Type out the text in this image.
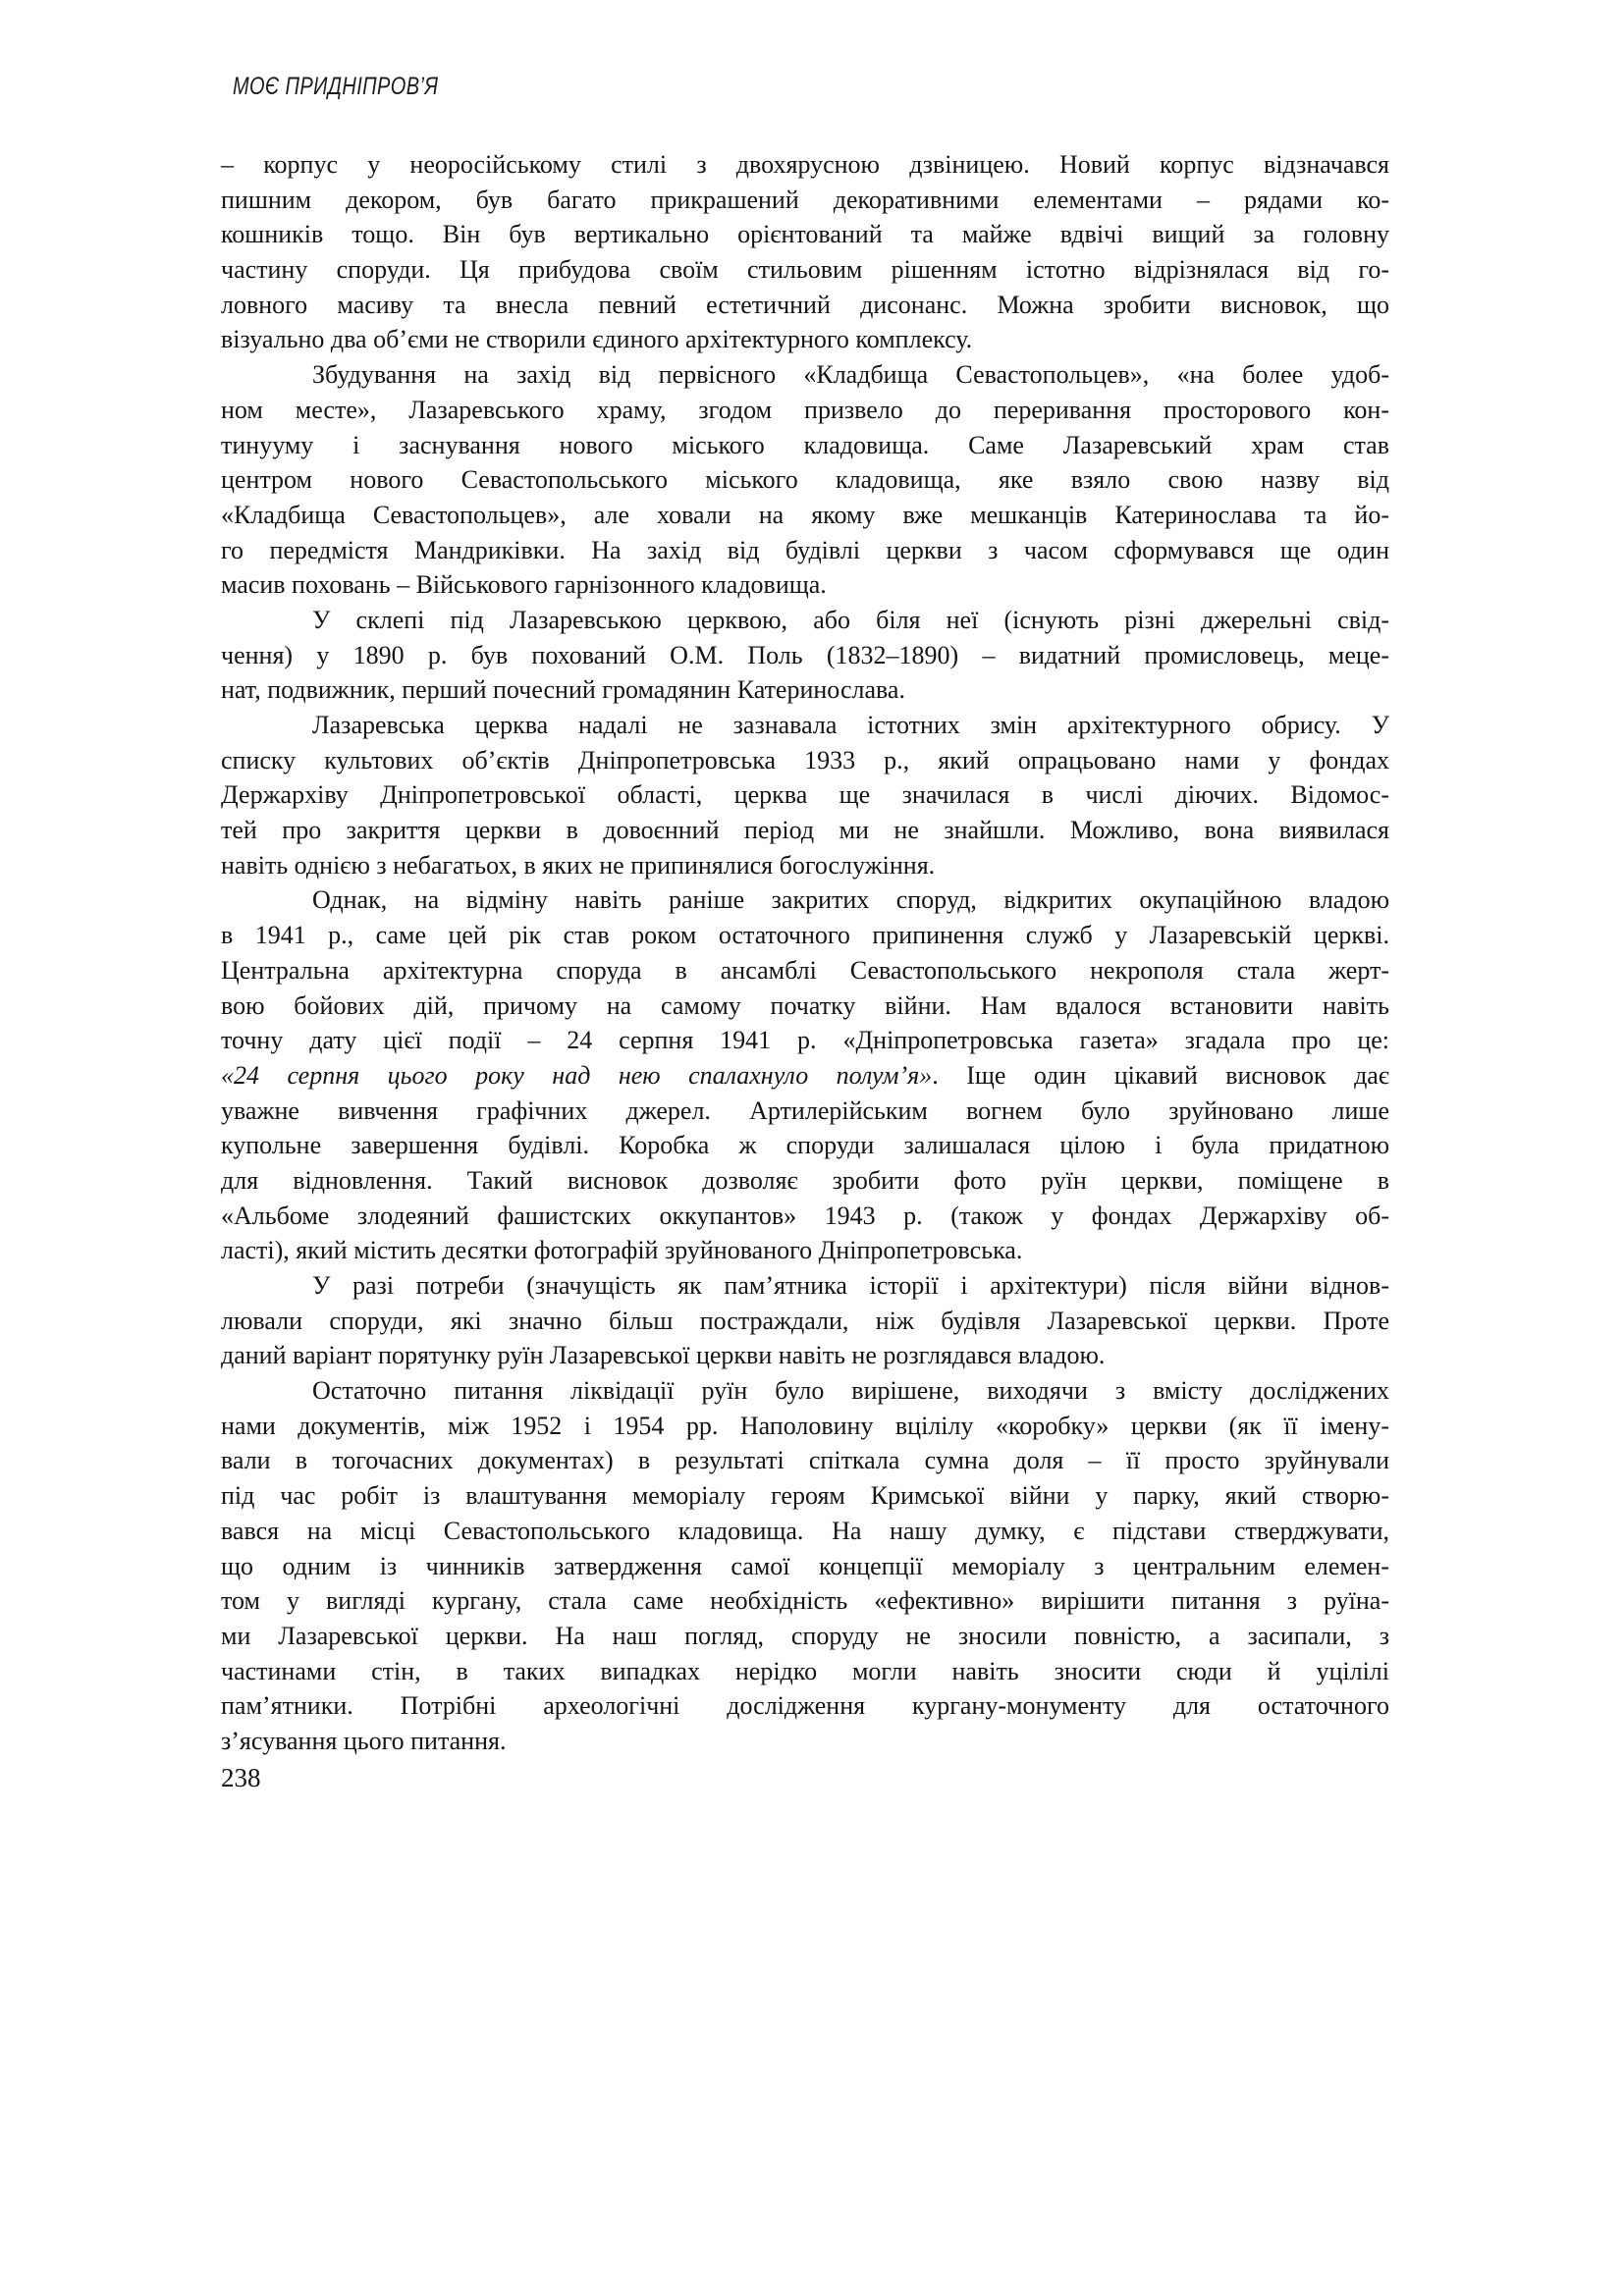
МОЄ ПРИДНІПРОВ’Я
– корпус у неоросійському стилі з двохярусною дзвіницею. Новий корпус відзначався
пишним декором, був багато прикрашений декоративними елементами – рядами ко-
кошників тощо. Він був вертикально орієнтований та майже вдвічі вищий за головну
частину споруди. Ця прибудова своїм стильовим рішенням істотно відрізнялася від го-
ловного масиву та внесла певний естетичний дисонанс. Можна зробити висновок, що
візуально два об’єми не створили єдиного архітектурного комплексу.
Збудування на захід від первісного «Кладбища Севастопольцев», «на более удоб-
ном месте», Лазаревського храму, згодом призвело до переривання просторового кон-
тинууму і заснування нового міського кладовища. Саме Лазаревський храм став
центром нового Севастопольського міського кладовища, яке взяло свою назву від
«Кладбища Севастопольцев», але ховали на якому вже мешканців Катеринослава та йо-
го передмістя Мандриківки. На захід від будівлі церкви з часом сформувався ще один
масив поховань – Військового гарнізонного кладовища.
У склепі під Лазаревською церквою, або біля неї (існують різні джерельні свід-
чення) у 1890 р. був похований О.М. Поль (1832–1890) – видатний промисловець, меце-
нат, подвижник, перший почесний громадянин Катеринослава.
Лазаревська церква надалі не зазнавала істотних змін архітектурного обрису. У
списку культових об’єктів Дніпропетровська 1933 р., який опрацьовано нами у фондах
Держархіву Дніпропетровської області, церква ще значилася в числі діючих. Відомос-
тей про закриття церкви в довоєнний період ми не знайшли. Можливо, вона виявилася
навіть однією з небагатьох, в яких не припинялися богослужіння.
Однак, на відміну навіть раніше закритих споруд, відкритих окупаційною владою
в 1941 р., саме цей рік став роком остаточного припинення служб у Лазаревській церкві.
Центральна архітектурна споруда в ансамблі Севастопольського некрополя стала жерт-
вою бойових дій, причому на самому початку війни. Нам вдалося встановити навіть
точну дату цієї події – 24 серпня 1941 р. «Дніпропетровська газета» згадала про це:
«24 серпня цього року над нею спалахнуло полум’я». Іще один цікавий висновок дає
уважне вивчення графічних джерел. Артилерійським вогнем було зруйновано лише
купольне завершення будівлі. Коробка ж споруди залишалася цілою і була придатною
для відновлення. Такий висновок дозволяє зробити фото руїн церкви, поміщене в
«Альбоме злодеяний фашистских оккупантов» 1943 р. (також у фондах Держархіву об-
ласті), який містить десятки фотографій зруйнованого Дніпропетровська.
У разі потреби (значущість як пам’ятника історії і архітектури) після війни віднов-
лювали споруди, які значно більш постраждали, ніж будівля Лазаревської церкви. Проте
даний варіант порятунку руїн Лазаревської церкви навіть не розглядався владою.
Остаточно питання ліквідації руїн було вирішене, виходячи з вмісту досліджених
нами документів, між 1952 і 1954 рр. Наполовину вцілілу «коробку» церкви (як її імену-
вали в тогочасних документах) в результаті спіткала сумна доля – її просто зруйнували
під час робіт із влаштування меморіалу героям Кримської війни у парку, який створю-
вався на місці Севастопольського кладовища. На нашу думку, є підстави стверджувати,
що одним із чинників затвердження самої концепції меморіалу з центральним елемен-
том у вигляді кургану, стала саме необхідність «ефективно» вирішити питання з руїна-
ми Лазаревської церкви. На наш погляд, споруду не зносили повністю, а засипали, з
частинами стін, в таких випадках нерідко могли навіть зносити сюди й уцілілі
пам’ятники. Потрібні археологічні дослідження кургану-монументу для остаточного
з’ясування цього питання.
238
